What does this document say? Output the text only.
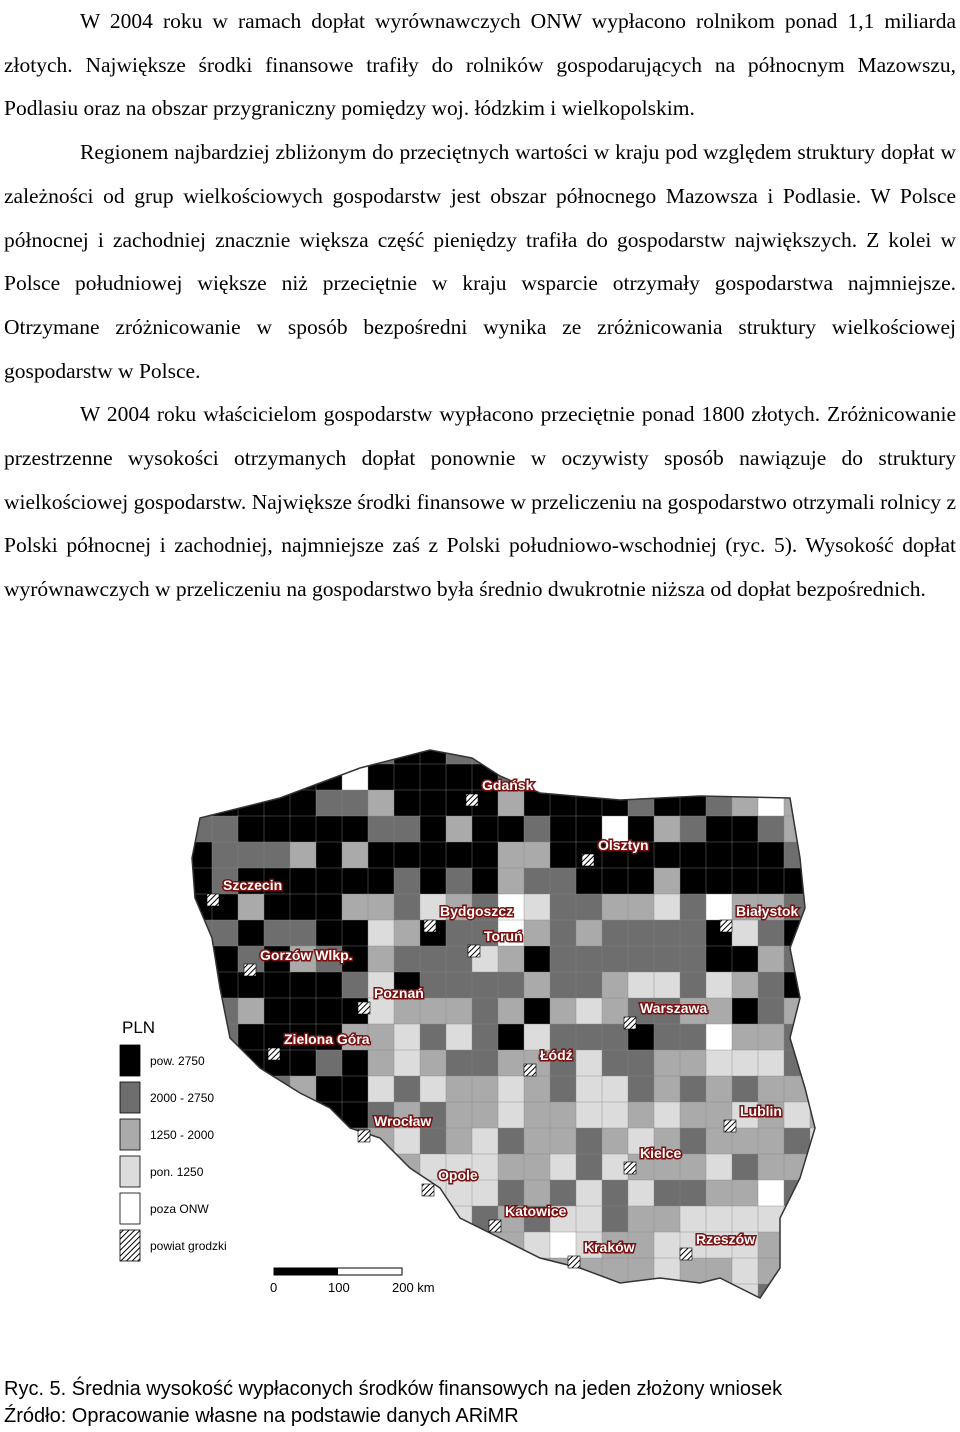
W 2004 roku w ramach dopłat wyrównawczych ONW wypłacono rolnikom ponad 1,1 miliarda złotych. Największe środki finansowe trafiły do rolników gospodarujących na północnym Mazowszu, Podlasiu oraz na obszar przygraniczny pomiędzy woj. łódzkim i wielkopolskim.

Regionem najbardziej zbliżonym do przeciętnych wartości w kraju pod względem struktury dopłat w zależności od grup wielkościowych gospodarstw jest obszar północnego Mazowsza i Podlasie. W Polsce północnej i zachodniej znacznie większa część pieniędzy trafiła do gospodarstw największych. Z kolei w Polsce południowej większe niż przeciętnie w kraju wsparcie otrzymały gospodarstwa najmniejsze. Otrzymane zróżnicowanie w sposób bezpośredni wynika ze zróżnicowania struktury wielkościowej gospodarstw w Polsce.

W 2004 roku właścicielom gospodarstw wypłacono przeciętnie ponad 1800 złotych. Zróżnicowanie przestrzenne wysokości otrzymanych dopłat ponownie w oczywisty sposób nawiązuje do struktury wielkościowej gospodarstw. Największe środki finansowe w przeliczeniu na gospodarstwo otrzymali rolnicy z Polski północnej i zachodniej, najmniejsze zaś z Polski południowo-wschodniej (ryc. 5). Wysokość dopłat wyrównawczych w przeliczeniu na gospodarstwo była średnio dwukrotnie niższa od dopłat bezpośrednich.

PLN
pow. 2750
2000 - 2750
1250 - 2000
pon. 1250
poza ONW
powiat grodzki
0	100	200 km
Gdańsk
Olsztyn
Szczecin
Bydgoszcz
Toruń
Białystok
Gorzów Wlkp.
Poznań
Warszawa
Zielona Góra
Łódź
Wrocław
Lublin
Kielce
Opole
Katowice
Kraków	Rzeszów
Ryc. 5. Średnia wysokość wypłaconych środków finansowych na jeden złożony wniosek
Źródło: Opracowanie własne na podstawie danych ARiMR
